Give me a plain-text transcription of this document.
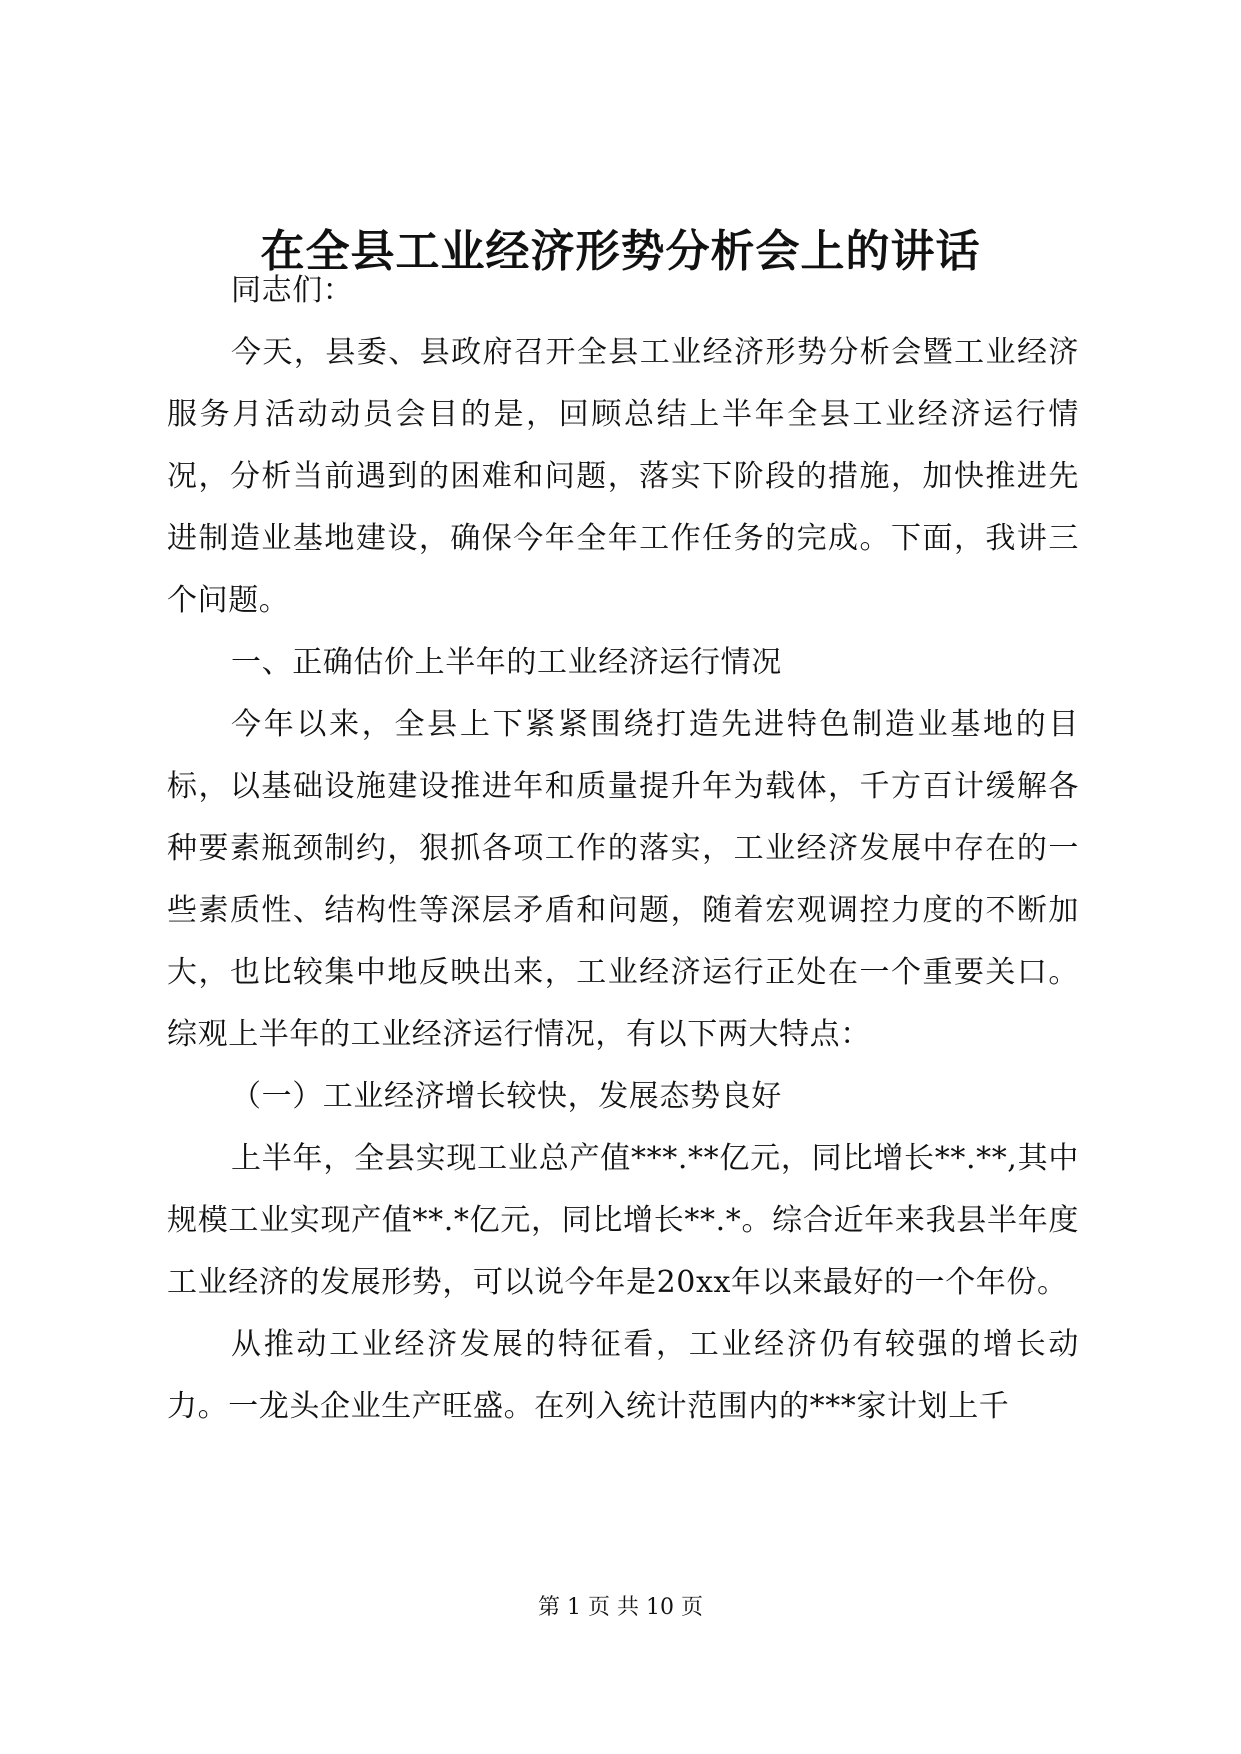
在全县工业经济形势分析会上的讲话

同志们：

今天，县委、县政府召开全县工业经济形势分析会暨工业经济服务月活动动员会目的是，回顾总结上半年全县工业经济运行情况，分析当前遇到的困难和问题，落实下阶段的措施，加快推进先进制造业基地建设，确保今年全年工作任务的完成。下面，我讲三个问题。

一、正确估价上半年的工业经济运行情况

今年以来，全县上下紧紧围绕打造先进特色制造业基地的目标，以基础设施建设推进年和质量提升年为载体，千方百计缓解各种要素瓶颈制约，狠抓各项工作的落实，工业经济发展中存在的一些素质性、结构性等深层矛盾和问题，随着宏观调控力度的不断加大，也比较集中地反映出来，工业经济运行正处在一个重要关口。综观上半年的工业经济运行情况，有以下两大特点：

（一）工业经济增长较快，发展态势良好

上半年，全县实现工业总产值***.**亿元，同比增长**.**,其中规模工业实现产值**.*亿元，同比增长**.*。综合近年来我县半年度工业经济的发展形势，可以说今年是20xx年以来最好的一个年份。

从推动工业经济发展的特征看，工业经济仍有较强的增长动力。一龙头企业生产旺盛。在列入统计范围内的***家计划上千

第 1 页 共 10 页
